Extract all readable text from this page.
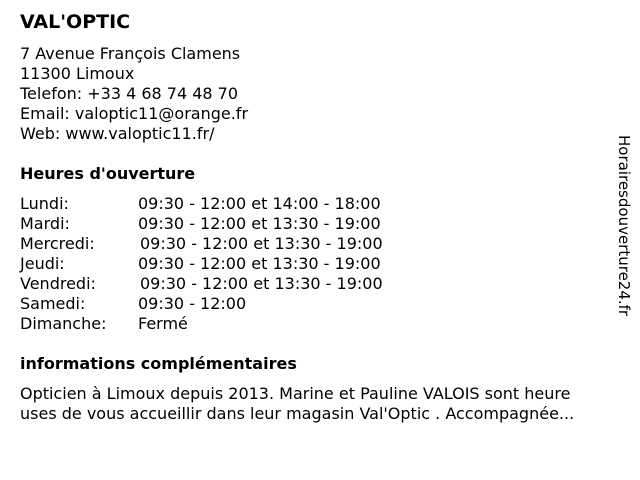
VAL'OPTIC
7 Avenue François Clamens
11300 Limoux
Telefon: +33 4 68 74 48 70
Email: valoptic11@orange.fr
Web: www.valoptic11.fr/
Heures d'ouverture
Lundi:	09:30 - 12:00 et 14:00 - 18:00
Mardi:	09:30 - 12:00 et 13:30 - 19:00
Mercredi:	09:30 - 12:00 et 13:30 - 19:00
Jeudi:	09:30 - 12:00 et 13:30 - 19:00
Vendredi:	09:30 - 12:00 et 13:30 - 19:00
Samedi:	09:30 - 12:00
Dimanche: Fermé
informations complémentaires
Opticien à Limoux depuis 2013. Marine et Pauline VALOIS sont heure
uses de vous accueillir dans leur magasin Val'Optic . Accompagnée...
Horairesdouverture24.fr
